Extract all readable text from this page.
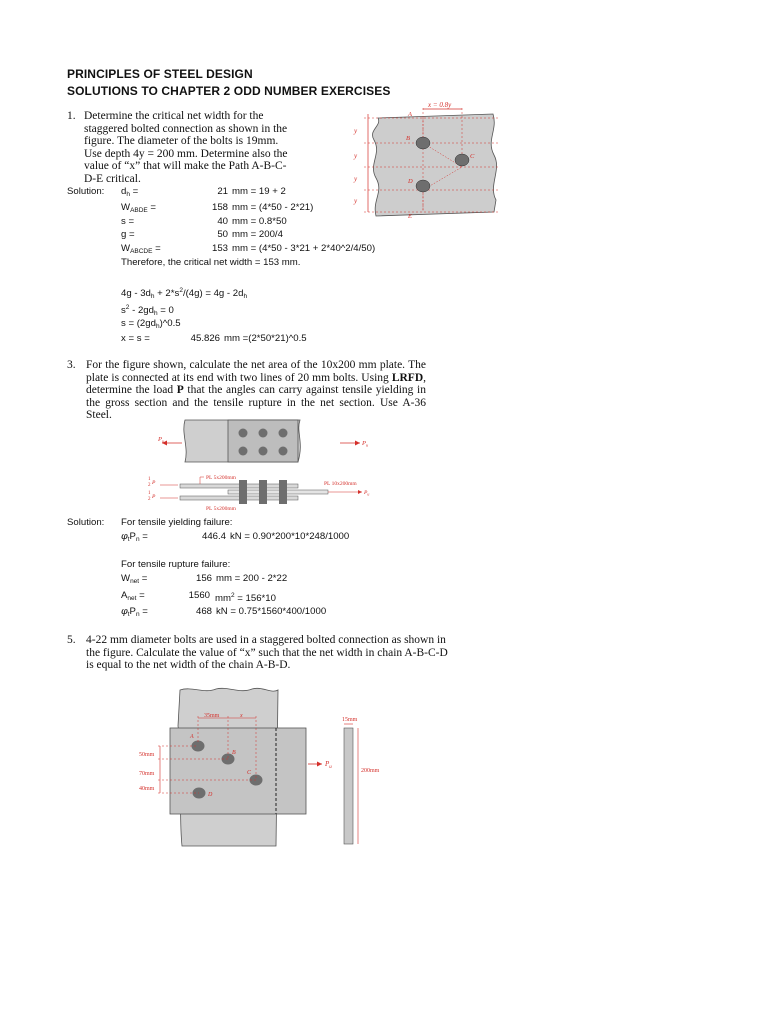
PRINCIPLES OF STEEL DESIGN
SOLUTIONS TO CHAPTER 2 ODD NUMBER EXERCISES
1. Determine the critical net width for the
staggered bolted connection as shown in the
figure. The diameter of the bolts is 19mm.
Use depth 4y = 200 mm. Determine also the
value of “x” that will make the Path A-B-C-
D-E critical.
x = 0.8y
y
y
y
y
A
B
C
D
E
Solution: $d_h$ =	21 mm = 19 + 2
$W_{ABDE}$ =	158 mm = (4*50 - 2*21)
s =	40 mm = 0.8*50
g =	50 mm = 200/4
$W_{ABCDE}$ =	153 mm = (4*50 - 3*21 + 2*40^2/4/50)
Therefore, the critical net width = 153 mm.
$4g - 3d_h + 2*s^2/(4g) = 4g - 2d_h$
$s^2 - 2gd_h = 0$
$s = (2gd_h)\^{}0.5$
x = s =	45.826 mm =(2*50*21)^0.5
3. For the figure shown, calculate the net area of the 10x200 mm plate. The plate is connected at its end with two lines of 20 mm bolts. Using LRFD, determine the load P that the angles can carry against tensile yielding in the gross section and the tensile rupture in the net section. Use A-36 Steel.
$P_u$	$P_u$
PL 5x200mm
PL 5x200mm
PL 10x200mm
$P_u$
1
2 P
1
2 P
Solution: For tensile yielding failure:
$\varphi_tP_n$ =	446.4 kN = 0.90*200*10*248/1000
For tensile rupture failure:
$W_{net}$ =	156 mm = 200 - 2*22
$A_{net}$ =	1560 $mm^2 = 156*10$
$\varphi_tP_n$ =	468 kN = 0.75*1560*400/1000
5. 4-22 mm diameter bolts are used in a staggered bolted connection as shown in
the figure. Calculate the value of “x” such that the net width in chain A-B-C-D
is equal to the net width of the chain A-B-D.
35mm	x
50mm
70mm
40mm
A
B
C
D
$P_u$
15mm
200mm
